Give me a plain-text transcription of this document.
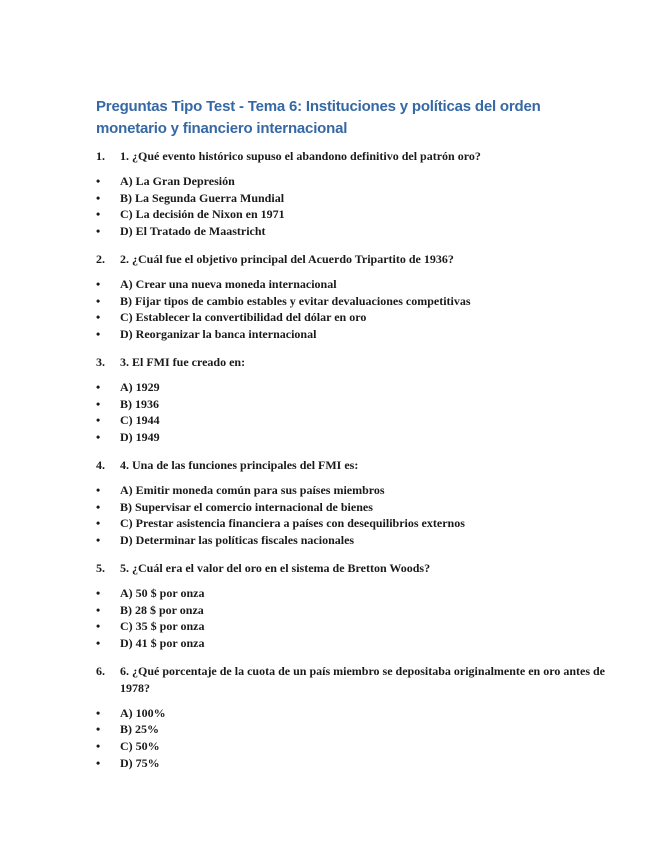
Preguntas Tipo Test - Tema 6: Instituciones y políticas del orden monetario y financiero internacional
1.	1. ¿Qué evento histórico supuso el abandono definitivo del patrón oro?
•	A) La Gran Depresión
•	B) La Segunda Guerra Mundial
•	C) La decisión de Nixon en 1971
•	D) El Tratado de Maastricht
2.	2. ¿Cuál fue el objetivo principal del Acuerdo Tripartito de 1936?
•	A) Crear una nueva moneda internacional
•	B) Fijar tipos de cambio estables y evitar devaluaciones competitivas
•	C) Establecer la convertibilidad del dólar en oro
•	D) Reorganizar la banca internacional
3.	3. El FMI fue creado en:
•	A) 1929
•	B) 1936
•	C) 1944
•	D) 1949
4.	4. Una de las funciones principales del FMI es:
•	A) Emitir moneda común para sus países miembros
•	B) Supervisar el comercio internacional de bienes
•	C) Prestar asistencia financiera a países con desequilibrios externos
•	D) Determinar las políticas fiscales nacionales
5.	5. ¿Cuál era el valor del oro en el sistema de Bretton Woods?
•	A) 50 $ por onza
•	B) 28 $ por onza
•	C) 35 $ por onza
•	D) 41 $ por onza
6.	6. ¿Qué porcentaje de la cuota de un país miembro se depositaba originalmente en oro antes de 1978?
•	A) 100%
•	B) 25%
•	C) 50%
•	D) 75%
